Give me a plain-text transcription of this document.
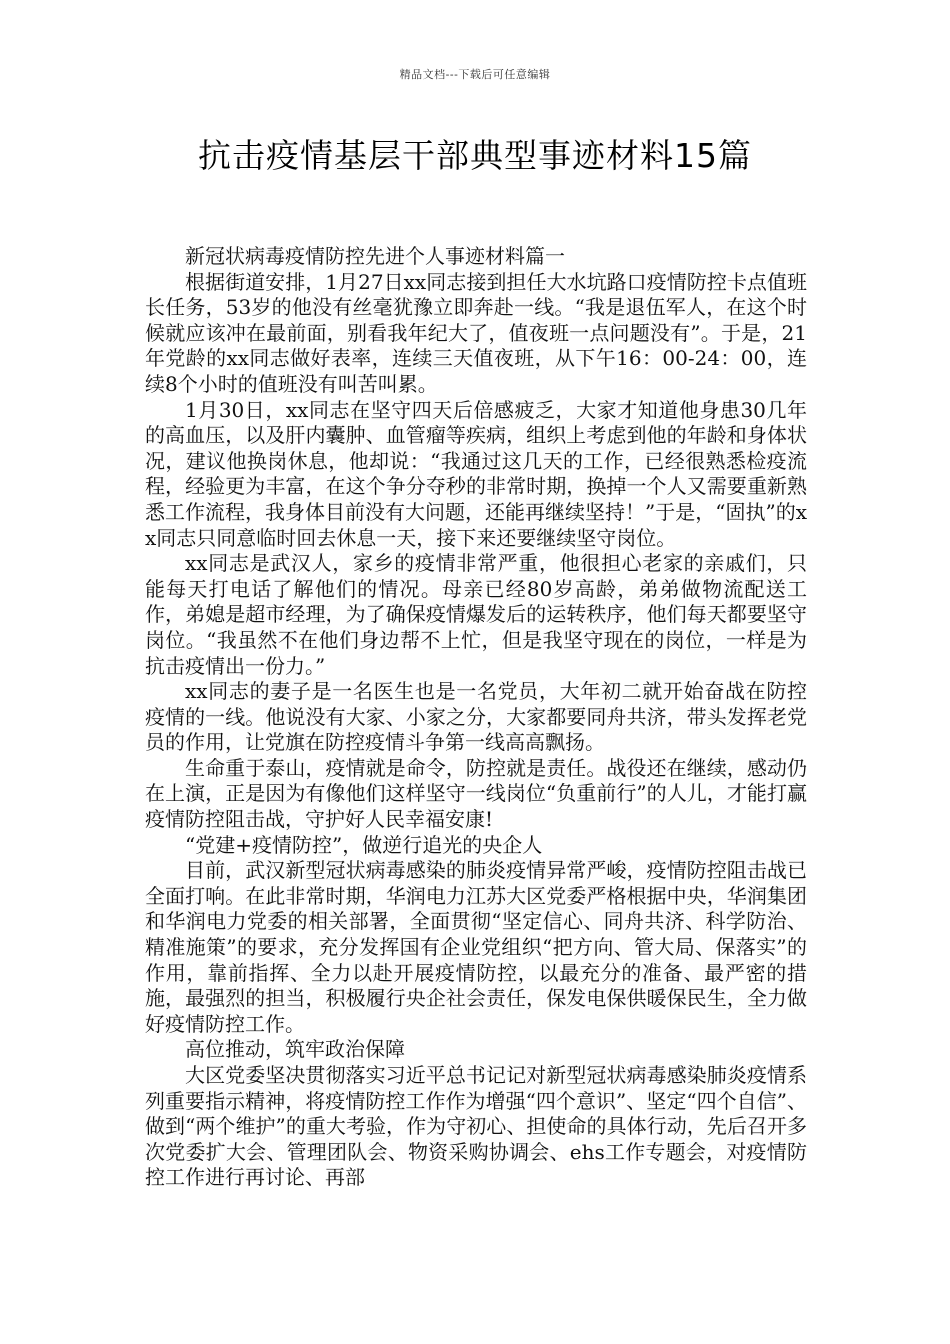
精品文档---下载后可任意编辑
抗击疫情基层干部典型事迹材料15篇

新冠状病毒疫情防控先进个人事迹材料篇一

根据街道安排，1月27日xx同志接到担任大水坑路口疫情防控卡点值班长任务，53岁的他没有丝毫犹豫立即奔赴一线。“我是退伍军人，在这个时候就应该冲在最前面，别看我年纪大了，值夜班一点问题没有”。于是，21年党龄的xx同志做好表率，连续三天值夜班，从下午16：00-24：00，连续8个小时的值班没有叫苦叫累。

1月30日，xx同志在坚守四天后倍感疲乏，大家才知道他身患30几年的高血压，以及肝内囊肿、血管瘤等疾病，组织上考虑到他的年龄和身体状况，建议他换岗休息，他却说：“我通过这几天的工作，已经很熟悉检疫流程，经验更为丰富，在这个争分夺秒的非常时期，换掉一个人又需要重新熟悉工作流程，我身体目前没有大问题，还能再继续坚持！”于是，“固执”的xx同志只同意临时回去休息一天，接下来还要继续坚守岗位。

xx同志是武汉人，家乡的疫情非常严重，他很担心老家的亲戚们，只能每天打电话了解他们的情况。母亲已经80岁高龄，弟弟做物流配送工作，弟媳是超市经理，为了确保疫情爆发后的运转秩序，他们每天都要坚守岗位。“我虽然不在他们身边帮不上忙，但是我坚守现在的岗位，一样是为抗击疫情出一份力。”

xx同志的妻子是一名医生也是一名党员，大年初二就开始奋战在防控疫情的一线。他说没有大家、小家之分，大家都要同舟共济，带头发挥老党员的作用，让党旗在防控疫情斗争第一线高高飘扬。

生命重于泰山，疫情就是命令，防控就是责任。战役还在继续，感动仍在上演，正是因为有像他们这样坚守一线岗位“负重前行”的人儿，才能打赢疫情防控阻击战，守护好人民幸福安康!

“党建+疫情防控”，做逆行追光的央企人

目前，武汉新型冠状病毒感染的肺炎疫情异常严峻，疫情防控阻击战已全面打响。在此非常时期，华润电力江苏大区党委严格根据中央，华润集团和华润电力党委的相关部署，全面贯彻“坚定信心、同舟共济、科学防治、精准施策”的要求，充分发挥国有企业党组织“把方向、管大局、保落实”的作用，靠前指挥、全力以赴开展疫情防控，以最充分的准备、最严密的措施，最强烈的担当，积极履行央企社会责任，保发电保供暖保民生，全力做好疫情防控工作。

高位推动，筑牢政治保障

大区党委坚决贯彻落实习近平总书记记对新型冠状病毒感染肺炎疫情系列重要指示精神，将疫情防控工作作为增强“四个意识”、坚定“四个自信”、做到“两个维护”的重大考验，作为守初心、担使命的具体行动，先后召开多次党委扩大会、管理团队会、物资采购协调会、ehs工作专题会，对疫情防控工作进行再讨论、再部
